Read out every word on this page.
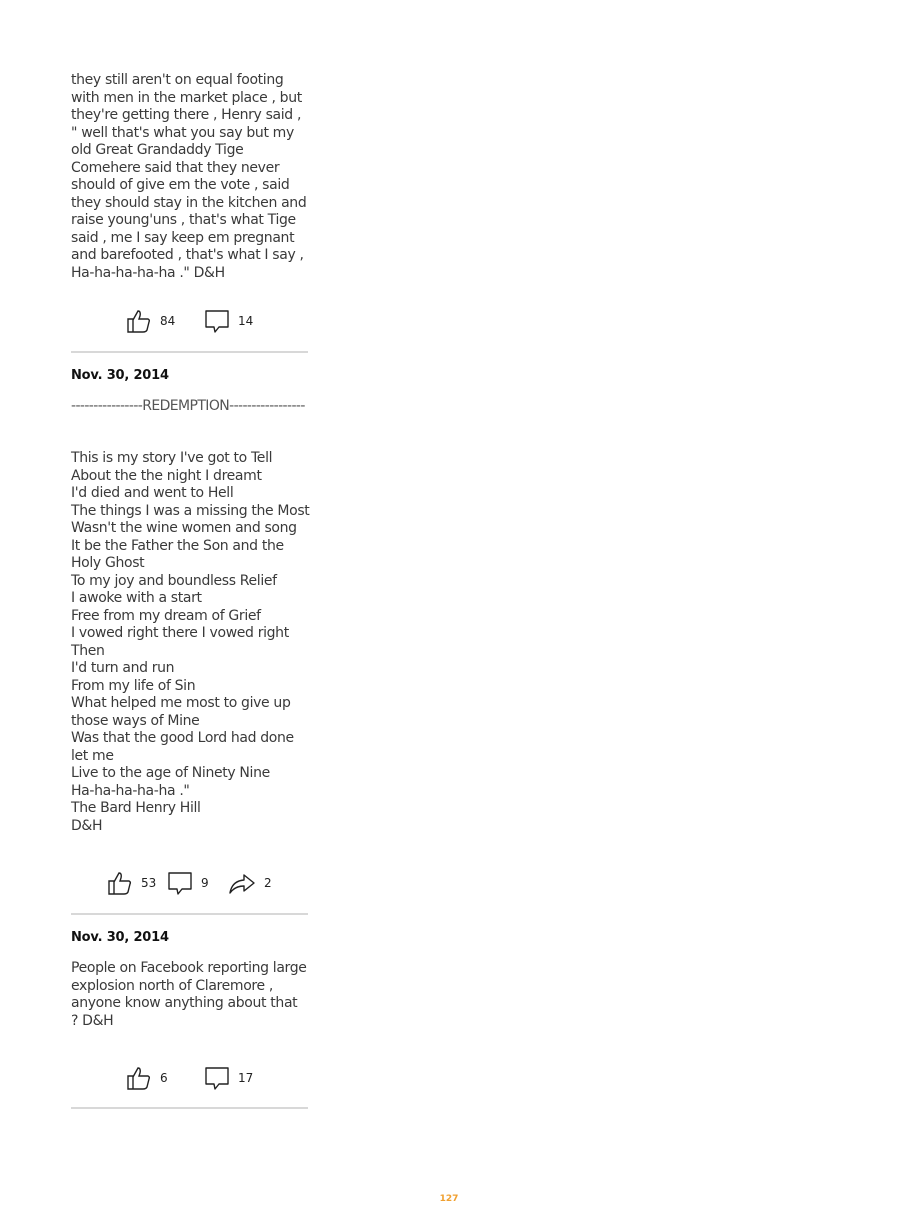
they still aren't on equal footing with men in the market place , but they're getting there , Henry said , " well that's what you say but my old Great Grandaddy Tige Comehere said that they never should of give em the vote , said they should stay in the kitchen and raise young'uns , that's what Tige said , me I say keep em pregnant and barefooted , that's what I say , Ha-ha-ha-ha-ha ." D&H

84	14

Nov. 30, 2014

----------------REDEMPTION-----------------

This is my story I've got to Tell
About the the night I dreamt
I'd died and went to Hell
The things I was a missing the Most
Wasn't the wine women and song
It be the Father the Son and the Holy Ghost
To my joy and boundless Relief
I awoke with a start
Free from my dream of Grief
I vowed right there I vowed right Then
I'd turn and run
From my life of Sin
What helped me most to give up those ways of Mine
Was that the good Lord had done let me
Live to the age of Ninety Nine
Ha-ha-ha-ha-ha ."
The Bard Henry Hill
D&H
53	9	2

Nov. 30, 2014

People on Facebook reporting large explosion north of Claremore , anyone know anything about that ? D&H

6	17
127
